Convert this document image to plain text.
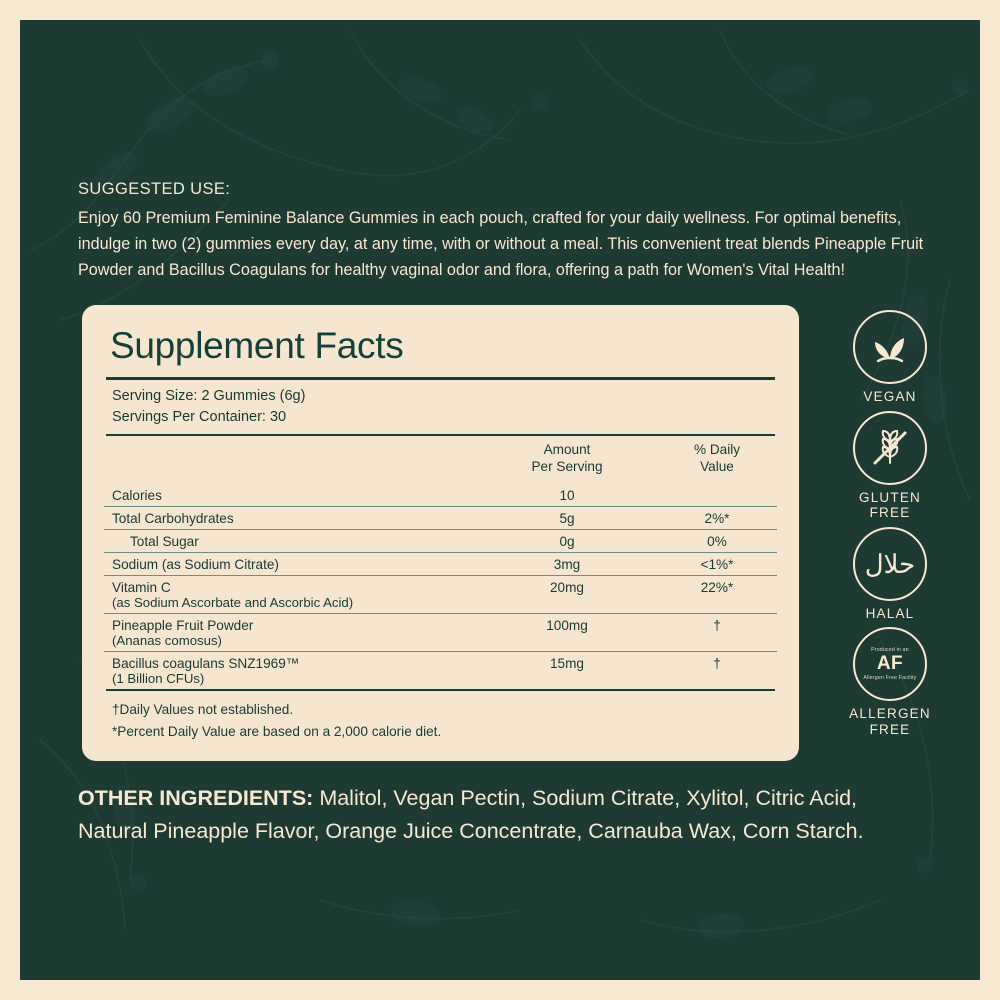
SUGGESTED USE:
Enjoy 60 Premium Feminine Balance Gummies in each pouch, crafted for your daily wellness. For optimal benefits, indulge in two (2) gummies every day, at any time, with or without a meal. This convenient treat blends Pineapple Fruit Powder and Bacillus Coagulans for healthy vaginal odor and flora, offering a path for Women's Vital Health!
Supplement Facts
Serving Size: 2 Gummies (6g)
Servings Per Container: 30

Amount
Per Serving

% Daily
Value

Calories	10	
Total Carbohydrates	5g	2%*
Total Sugar	0g	0%
Sodium (as Sodium Citrate)	3mg	<1%*

Vitamin C
(as Sodium Ascorbate and Ascorbic Acid)	20mg	22%*

Pineapple Fruit Powder
(Ananas comosus)	100mg	†

Bacillus coagulans SNZ1969™
(1 Billion CFUs)	15mg	†
†Daily Values not established.
*Percent Daily Value are based on a 2,000 calorie diet.
VEGAN
GLUTEN
FREE
حلال
HALAL
Produced in an
AF
Allergen Free Facility
ALLERGEN
FREE
OTHER INGREDIENTS: Malitol, Vegan Pectin, Sodium Citrate, Xylitol, Citric Acid, Natural Pineapple Flavor, Orange Juice Concentrate, Carnauba Wax, Corn Starch.
